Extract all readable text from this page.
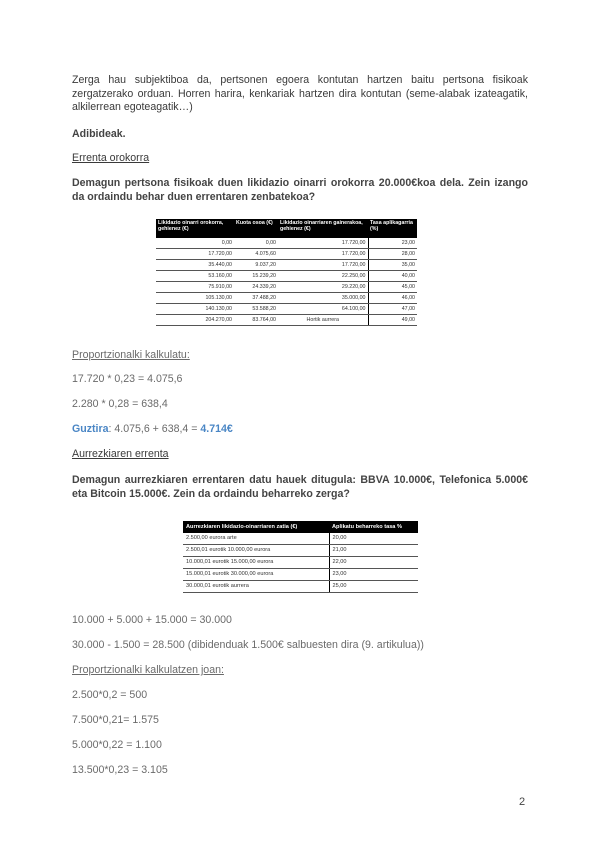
Zerga hau subjektiboa da, pertsonen egoera kontutan hartzen baitu pertsona fisikoak zergatzerako orduan. Horren harira, kenkariak hartzen dira kontutan (seme-alabak izateagatik, alkilerrean egoteagatik…)

Adibideak.

Errenta orokorra

Demagun pertsona fisikoak duen likidazio oinarri orokorra 20.000€koa dela. Zein izango da ordaindu behar duen errentaren zenbatekoa?

Likidazio oinarri orokorra, gehienez (€)	Kuota osoa (€)	Likidazio oinarriaren gainerakoa, gehienez (€)	Tasa aplikagarria (%)
0,00	0,00	17.720,00	23,00
17.720,00	4.075,60	17.720,00	28,00
35.440,00	9.037,20	17.720,00	35,00
53.160,00	15.239,20	22.250,00	40,00
75.910,00	24.339,20	29.220,00	45,00
105.130,00	37.488,20	35.000,00	46,00
140.130,00	53.588,20	64.100,00	47,00
204.270,00	83.764,00	Hortik aurrera	49,00

Proportzionalki kalkulatu:

17.720 * 0,23 = 4.075,6

2.280 * 0,28 = 638,4

Guztira: 4.075,6 + 638,4 = 4.714€

Aurrezkiaren errenta

Demagun aurrezkiaren errentaren datu hauek ditugula: BBVA 10.000€, Telefonica 5.000€ eta Bitcoin 15.000€. Zein da ordaindu beharreko zerga?

Aurrezkiaren likidazio-oinarriaren zatia (€)	Aplikatu beharreko tasa %
2.500,00 eurora arte	20,00
2.500,01 eurotik 10.000,00 eurora	21,00
10.000,01 eurotik 15.000,00 eurora	22,00
15.000,01 eurotik 30.000,00 eurora	23,00
30.000,01 eurotik aurrera	25,00

10.000 + 5.000 + 15.000 = 30.000

30.000 - 1.500 = 28.500 (dibidenduak 1.500€ salbuesten dira (9. artikulua))

Proportzionalki kalkulatzen joan:

2.500*0,2 = 500

7.500*0,21= 1.575

5.000*0,22 = 1.100

13.500*0,23 = 3.105

2
